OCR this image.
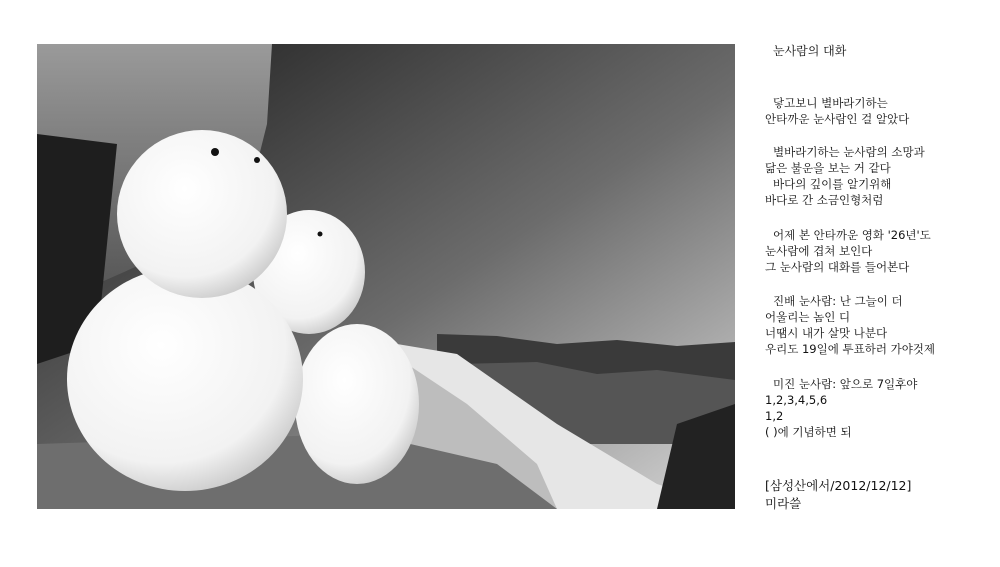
눈사람의 대화
닿고보니 별바라기하는
안타까운 눈사람인 걸 알았다
별바라기하는 눈사람의 소망과
닮은 불운을 보는 거 같다
바다의 깊이를 알기위해
바다로 간 소금인형처럼
어제 본 안타까운 영화 '26년'도
눈사람에 겹쳐 보인다
그 눈사람의 대화를 들어본다
진배 눈사람: 난 그늘이 더
어울리는 놈인 디
너땜시 내가 살맛 나분다
우리도 19일에 투표하러 가야것제
미진 눈사람: 앞으로 7일후야
1,2,3,4,5,6
1,2
( )에 기념하면 되
[삼성산에서/2012/12/12]
미라쓸
